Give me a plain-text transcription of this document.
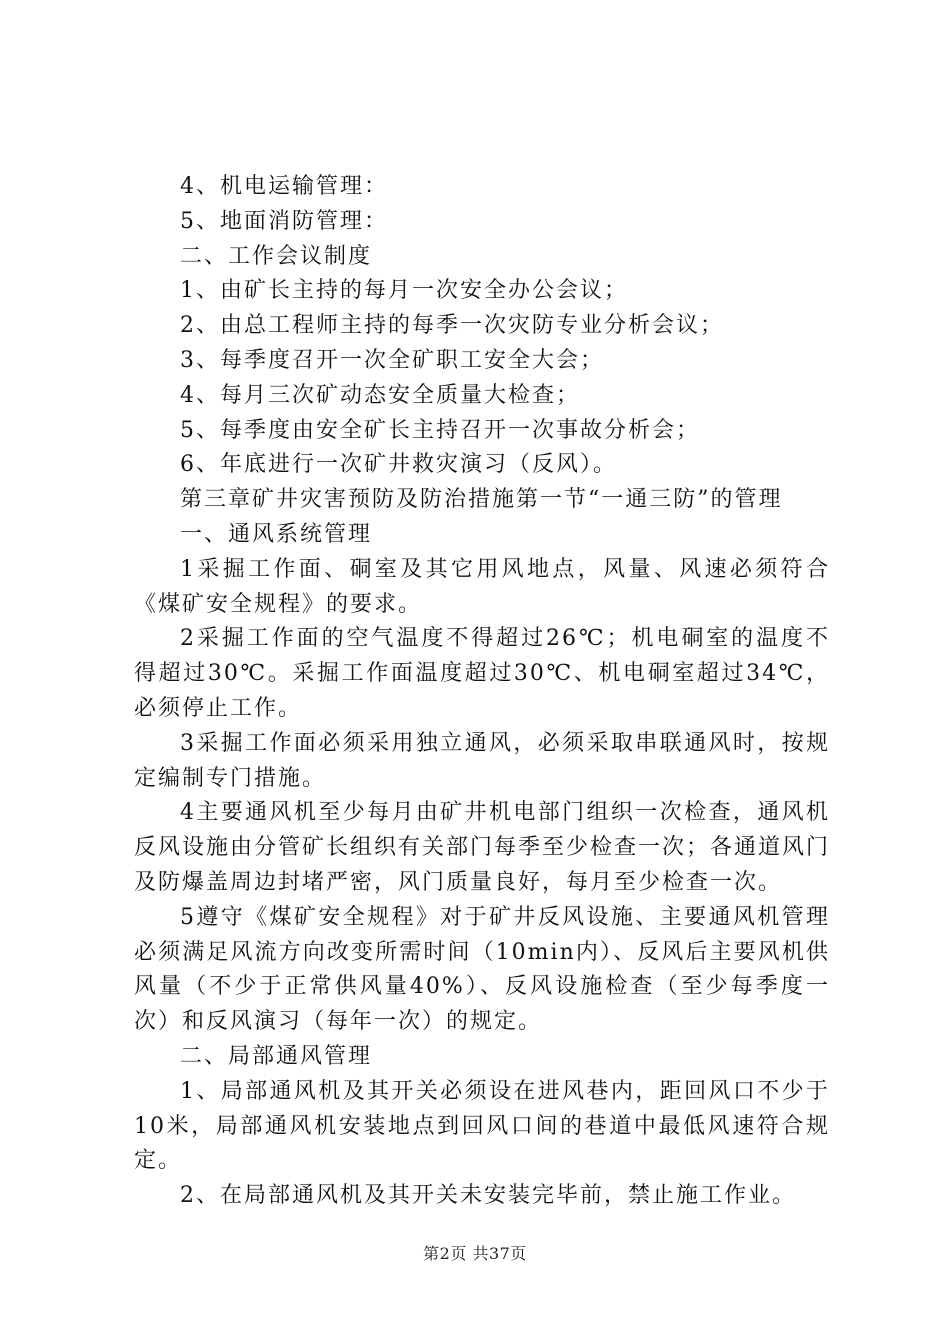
4、机电运输管理：

5、地面消防管理：

二、工作会议制度

1、由矿长主持的每月一次安全办公会议；

2、由总工程师主持的每季一次灾防专业分析会议；

3、每季度召开一次全矿职工安全大会；

4、每月三次矿动态安全质量大检查；

5、每季度由安全矿长主持召开一次事故分析会；

6、年底进行一次矿井救灾演习（反风）。

第三章矿井灾害预防及防治措施第一节“一通三防”的管理

一、通风系统管理

1采掘工作面、硐室及其它用风地点，风量、风速必须符合《煤矿安全规程》的要求。

2采掘工作面的空气温度不得超过26℃；机电硐室的温度不得超过30℃。采掘工作面温度超过30℃、机电硐室超过34℃，必须停止工作。

3采掘工作面必须采用独立通风，必须采取串联通风时，按规定编制专门措施。

4主要通风机至少每月由矿井机电部门组织一次检查，通风机反风设施由分管矿长组织有关部门每季至少检查一次；各通道风门及防爆盖周边封堵严密，风门质量良好，每月至少检查一次。

5遵守《煤矿安全规程》对于矿井反风设施、主要通风机管理必须满足风流方向改变所需时间（10min内）、反风后主要风机供风量（不少于正常供风量40%）、反风设施检查（至少每季度一次）和反风演习（每年一次）的规定。

二、局部通风管理

1、局部通风机及其开关必须设在进风巷内，距回风口不少于10米，局部通风机安装地点到回风口间的巷道中最低风速符合规定。

2、在局部通风机及其开关未安装完毕前，禁止施工作业。

第2页 共37页
